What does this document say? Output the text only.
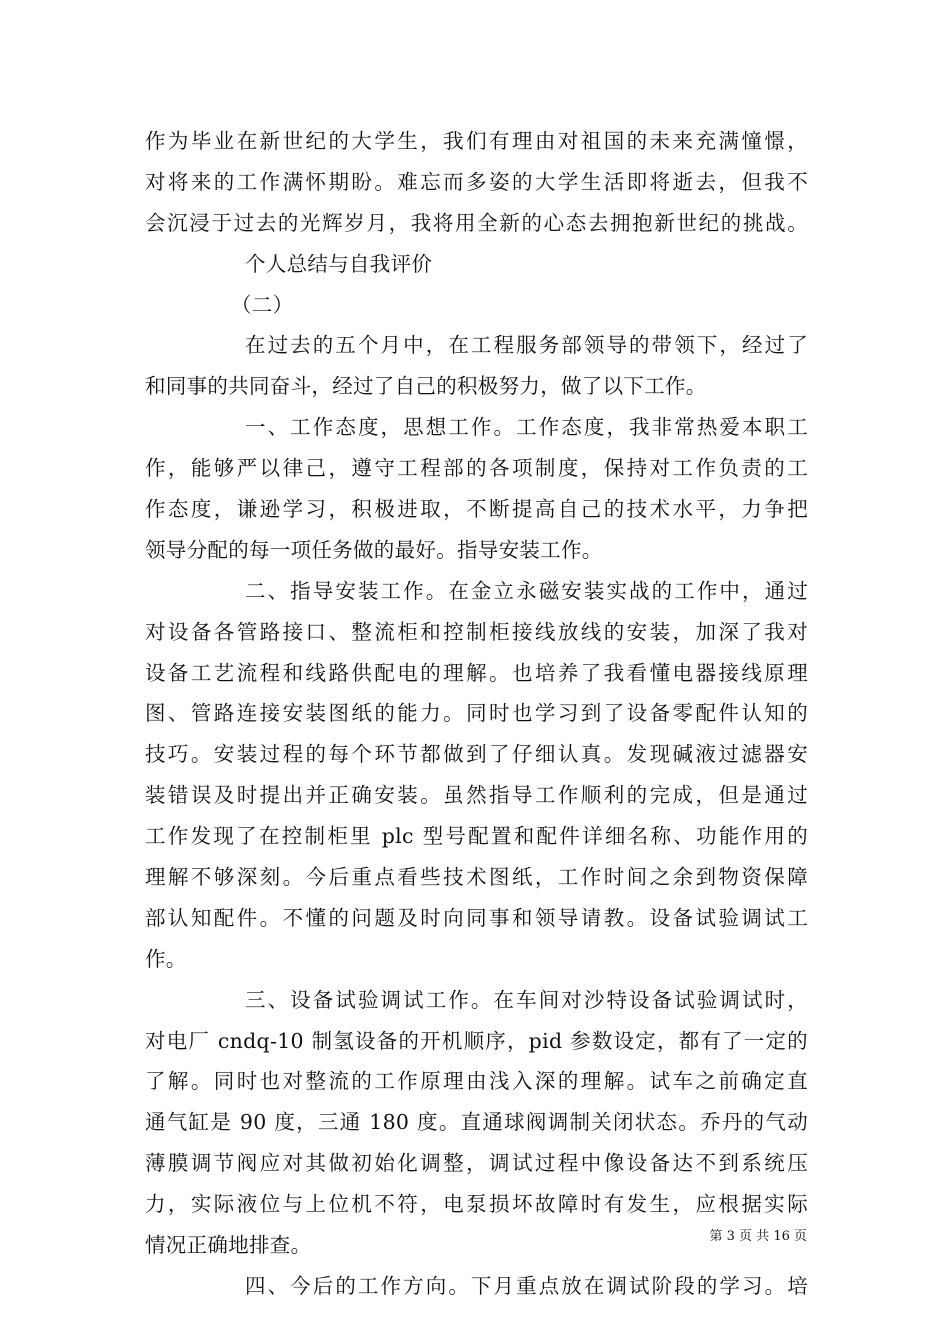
作为毕业在新世纪的大学生，我们有理由对祖国的未来充满憧憬，
对将来的工作满怀期盼。难忘而多姿的大学生活即将逝去，但我不
会沉浸于过去的光辉岁月，我将用全新的心态去拥抱新世纪的挑战。
个人总结与自我评价
（二）
在过去的五个月中，在工程服务部领导的带领下，经过了
和同事的共同奋斗，经过了自己的积极努力，做了以下工作。
一、工作态度，思想工作。工作态度，我非常热爱本职工
作，能够严以律己，遵守工程部的各项制度，保持对工作负责的工
作态度，谦逊学习，积极进取，不断提高自己的技术水平，力争把
领导分配的每一项任务做的最好。指导安装工作。
二、指导安装工作。在金立永磁安装实战的工作中，通过
对设备各管路接口、整流柜和控制柜接线放线的安装，加深了我对
设备工艺流程和线路供配电的理解。也培养了我看懂电器接线原理
图、管路连接安装图纸的能力。同时也学习到了设备零配件认知的
技巧。安装过程的每个环节都做到了仔细认真。发现碱液过滤器安
装错误及时提出并正确安装。虽然指导工作顺利的完成，但是通过
工作发现了在控制柜里 plc 型号配置和配件详细名称、功能作用的
理解不够深刻。今后重点看些技术图纸，工作时间之余到物资保障
部认知配件。不懂的问题及时向同事和领导请教。设备试验调试工
作。
三、设备试验调试工作。在车间对沙特设备试验调试时，
对电厂 cndq-10 制氢设备的开机顺序，pid 参数设定，都有了一定的
了解。同时也对整流的工作原理由浅入深的理解。试车之前确定直
通气缸是 90 度，三通 180 度。直通球阀调制关闭状态。乔丹的气动
薄膜调节阀应对其做初始化调整，调试过程中像设备达不到系统压
力，实际液位与上位机不符，电泵损坏故障时有发生，应根据实际
情况正确地排查。
四、今后的工作方向。下月重点放在调试阶段的学习。培
第 3 页 共 16 页
